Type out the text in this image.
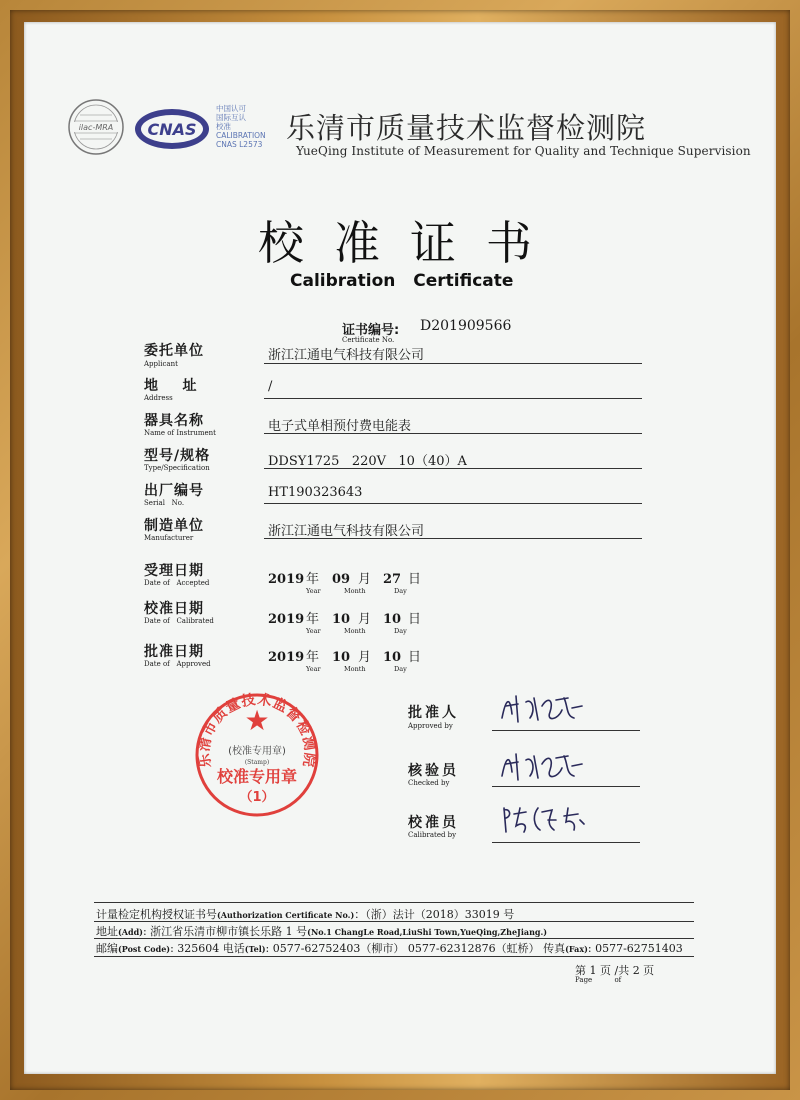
ilac-MRA CNAS
中国认可
国际互认
校准
CALIBRATION
CNAS L2573 乐清市质量技术监督检测院
YueQing Institute of Measurement for Quality and Technique Supervision
校准证书
Calibration Certificate
证书编号:
Certificate No.
D201909566
委托单位
Applicant
浙江江通电气科技有限公司
地    址
Address
/
器具名称
Name of Instrument	电子式单相预付费电能表
型号/规格
Type/Specification	DDSY1725   220V   10（40）A
出厂编号
Serial   No.
HT190323643
制造单位
Manufacturer	浙江江通电气科技有限公司
受理日期
Date of   Accepted	2019 年 09 月 27 日
Year	Month	Day
校准日期
Date of   Calibrated	2019 年 10 月 10 日
Year	Month	Day
批准日期
Date of   Approved	2019 年 10 月 10 日
Year	Month	Day
乐清市质量技术监督检测院
★
(校准专用章)
(Stamp)
校准专用章
（1）
批准人
Approved by
核验员
Checked by
校准员
Calibrated by
计量检定机构授权证书号(Authorization Certificate No.)：（浙）法计（2018）33019 号
地址(Add): 浙江省乐清市柳市镇长乐路 1 号(No.1 ChangLe Road,LiuShi Town,YueQing,ZheJiang.)
邮编(Post Code): 325604 电话(Tel): 0577-62752403（柳市） 0577-62312876（虹桥） 传真(Fax): 0577-62751403
第 1 页 /共 2 页
Page	of
